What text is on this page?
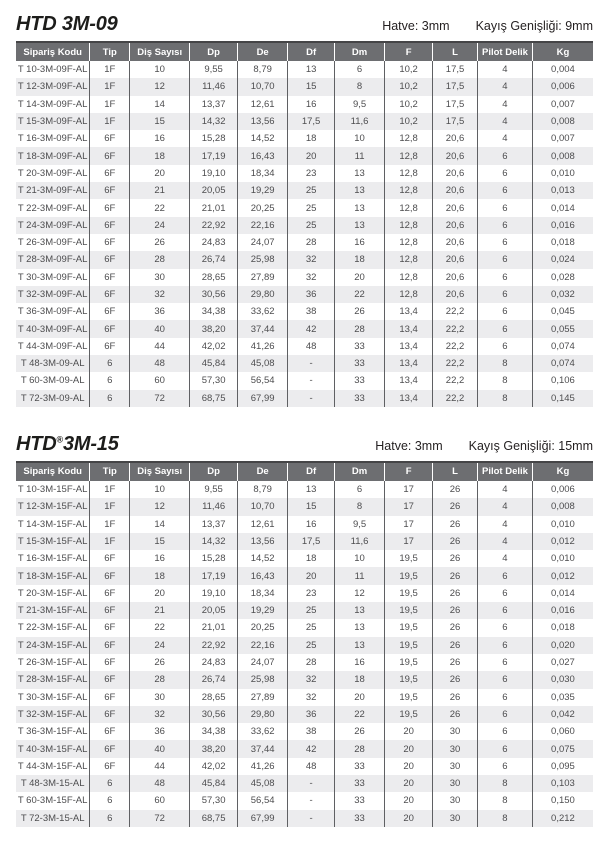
HTD 3M-09	Hatve: 3mm Kayış Genişliği: 9mm
Sipariş Kodu	Tip	Diş Sayısı	Dp	De	Df	Dm	F	L	Pilot Delik	Kg
T 10-3M-09F-AL	1F	10	9,55	8,79	13	6	10,2	17,5	4	0,004
T 12-3M-09F-AL	1F	12	11,46	10,70	15	8	10,2	17,5	4	0,006
T 14-3M-09F-AL	1F	14	13,37	12,61	16	9,5	10,2	17,5	4	0,007
T 15-3M-09F-AL	1F	15	14,32	13,56	17,5	11,6	10,2	17,5	4	0,008
T 16-3M-09F-AL	6F	16	15,28	14,52	18	10	12,8	20,6	4	0,007
T 18-3M-09F-AL	6F	18	17,19	16,43	20	11	12,8	20,6	6	0,008
T 20-3M-09F-AL	6F	20	19,10	18,34	23	13	12,8	20,6	6	0,010
T 21-3M-09F-AL	6F	21	20,05	19,29	25	13	12,8	20,6	6	0,013
T 22-3M-09F-AL	6F	22	21,01	20,25	25	13	12,8	20,6	6	0,014
T 24-3M-09F-AL	6F	24	22,92	22,16	25	13	12,8	20,6	6	0,016
T 26-3M-09F-AL	6F	26	24,83	24,07	28	16	12,8	20,6	6	0,018
T 28-3M-09F-AL	6F	28	26,74	25,98	32	18	12,8	20,6	6	0,024
T 30-3M-09F-AL	6F	30	28,65	27,89	32	20	12,8	20,6	6	0,028
T 32-3M-09F-AL	6F	32	30,56	29,80	36	22	12,8	20,6	6	0,032
T 36-3M-09F-AL	6F	36	34,38	33,62	38	26	13,4	22,2	6	0,045
T 40-3M-09F-AL	6F	40	38,20	37,44	42	28	13,4	22,2	6	0,055
T 44-3M-09F-AL	6F	44	42,02	41,26	48	33	13,4	22,2	6	0,074
T 48-3M-09-AL	6	48	45,84	45,08	-	33	13,4	22,2	8	0,074
T 60-3M-09-AL	6	60	57,30	56,54	-	33	13,4	22,2	8	0,106
T 72-3M-09-AL	6	72	68,75	67,99	-	33	13,4	22,2	8	0,145
HTD®3M-15	Hatve: 3mm Kayış Genişliği: 15mm
Sipariş Kodu	Tip	Diş Sayısı	Dp	De	Df	Dm	F	L	Pilot Delik	Kg
T 10-3M-15F-AL	1F	10	9,55	8,79	13	6	17	26	4	0,006
T 12-3M-15F-AL	1F	12	11,46	10,70	15	8	17	26	4	0,008
T 14-3M-15F-AL	1F	14	13,37	12,61	16	9,5	17	26	4	0,010
T 15-3M-15F-AL	1F	15	14,32	13,56	17,5	11,6	17	26	4	0,012
T 16-3M-15F-AL	6F	16	15,28	14,52	18	10	19,5	26	4	0,010
T 18-3M-15F-AL	6F	18	17,19	16,43	20	11	19,5	26	6	0,012
T 20-3M-15F-AL	6F	20	19,10	18,34	23	12	19,5	26	6	0,014
T 21-3M-15F-AL	6F	21	20,05	19,29	25	13	19,5	26	6	0,016
T 22-3M-15F-AL	6F	22	21,01	20,25	25	13	19,5	26	6	0,018
T 24-3M-15F-AL	6F	24	22,92	22,16	25	13	19,5	26	6	0,020
T 26-3M-15F-AL	6F	26	24,83	24,07	28	16	19,5	26	6	0,027
T 28-3M-15F-AL	6F	28	26,74	25,98	32	18	19,5	26	6	0,030
T 30-3M-15F-AL	6F	30	28,65	27,89	32	20	19,5	26	6	0,035
T 32-3M-15F-AL	6F	32	30,56	29,80	36	22	19,5	26	6	0,042
T 36-3M-15F-AL	6F	36	34,38	33,62	38	26	20	30	6	0,060
T 40-3M-15F-AL	6F	40	38,20	37,44	42	28	20	30	6	0,075
T 44-3M-15F-AL	6F	44	42,02	41,26	48	33	20	30	6	0,095
T 48-3M-15-AL	6	48	45,84	45,08	-	33	20	30	8	0,103
T 60-3M-15F-AL	6	60	57,30	56,54	-	33	20	30	8	0,150
T 72-3M-15-AL	6	72	68,75	67,99	-	33	20	30	8	0,212
